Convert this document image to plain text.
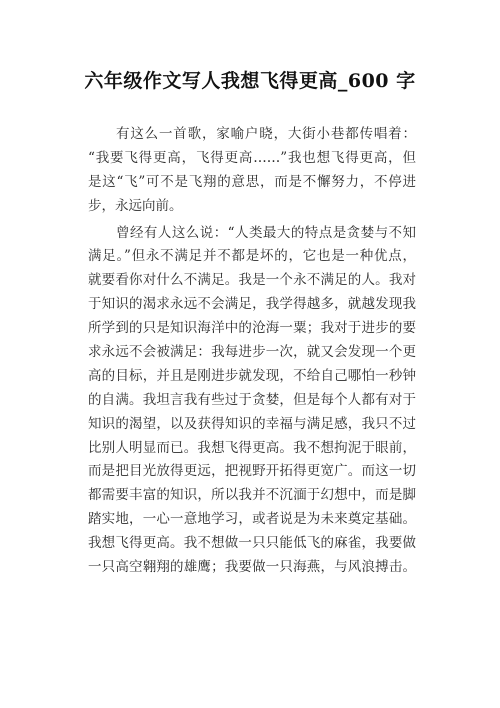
六年级作文写人我想飞得更高_600 字
有这么一首歌，家喻户晓，大街小巷都传唱着：
“我要飞得更高，飞得更高……”我也想飞得更高，但
是这“飞”可不是飞翔的意思，而是不懈努力，不停进
步，永远向前。
曾经有人这么说：“人类最大的特点是贪婪与不知
满足。”但永不满足并不都是坏的，它也是一种优点，
就要看你对什么不满足。我是一个永不满足的人。我对
于知识的渴求永远不会满足，我学得越多，就越发现我
所学到的只是知识海洋中的沧海一粟；我对于进步的要
求永远不会被满足：我每进步一次，就又会发现一个更
高的目标，并且是刚进步就发现，不给自己哪怕一秒钟
的自满。我坦言我有些过于贪婪，但是每个人都有对于
知识的渴望，以及获得知识的幸福与满足感，我只不过
比别人明显而已。我想飞得更高。我不想拘泥于眼前，
而是把目光放得更远，把视野开拓得更宽广。而这一切
都需要丰富的知识，所以我并不沉湎于幻想中，而是脚
踏实地，一心一意地学习，或者说是为未来奠定基础。
我想飞得更高。我不想做一只只能低飞的麻雀，我要做
一只高空翱翔的雄鹰；我要做一只海燕，与风浪搏击。
